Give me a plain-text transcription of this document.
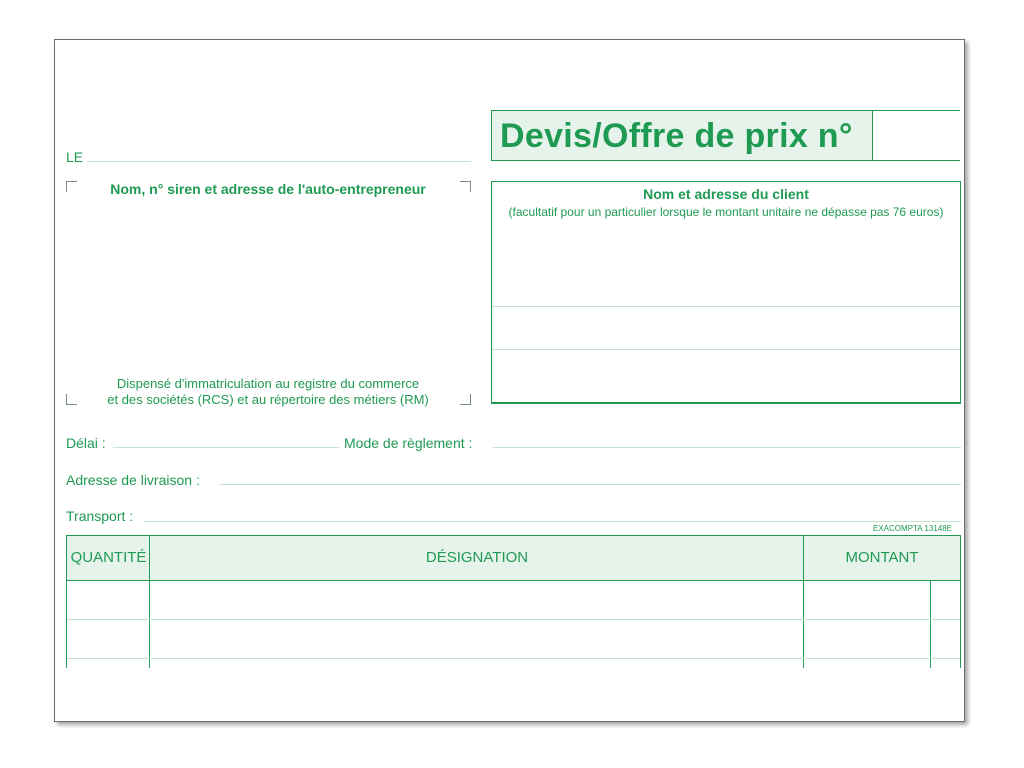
LE
Devis/Offre de prix n°
Nom, n° siren et adresse de l'auto-entrepreneur
Dispensé d'immatriculation au registre du commerce
et des sociétés (RCS) et au répertoire des métiers (RM)
Nom et adresse du client
(facultatif pour un particulier lorsque le montant unitaire ne dépasse pas 76 euros)
Délai :	Mode de règlement :
Adresse de livraison :
Transport :
EXACOMPTA 13148E
QUANTITÉ	DÉSIGNATION	MONTANT
